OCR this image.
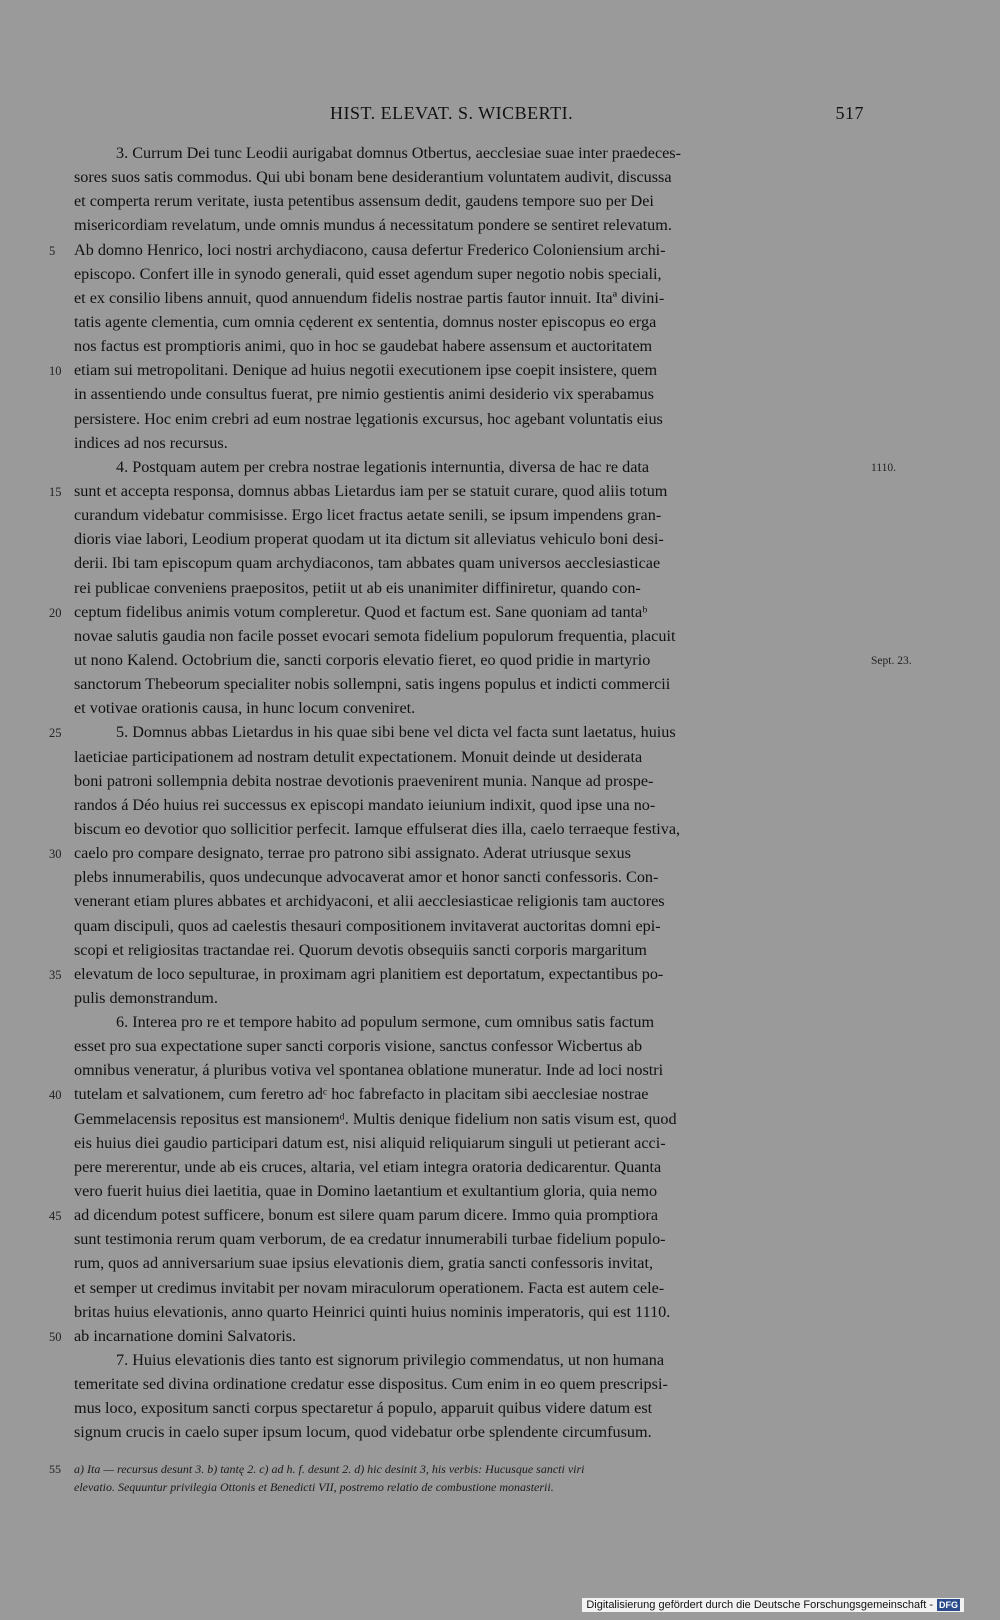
HIST. ELEVAT. S. WICBERTI.	517
3. Currum Dei tunc Leodii aurigabat domnus Otbertus, aecclesiae suae inter praedeces-
sores suos satis commodus. Qui ubi bonam bene desiderantium voluntatem audivit, discussa
et comperta rerum veritate, iusta petentibus assensum dedit, gaudens tempore suo per Dei
misericordiam revelatum, unde omnis mundus á necessitatum pondere se sentiret relevatum.
Ab domno Henrico, loci nostri archydiacono, causa defertur Frederico Coloniensium archi-
5
episcopo. Confert ille in synodo generali, quid esset agendum super negotio nobis speciali,
et ex consilio libens annuit, quod annuendum fidelis nostrae partis fautor innuit. Itaª divini-
tatis agente clementia, cum omnia cęderent ex sententia, domnus noster episcopus eo erga
nos factus est promptioris animi, quo in hoc se gaudebat habere assensum et auctoritatem
etiam sui metropolitani. Denique ad huius negotii executionem ipse coepit insistere, quem
10
in assentiendo unde consultus fuerat, pre nimio gestientis animi desiderio vix sperabamus
persistere. Hoc enim crebri ad eum nostrae lęgationis excursus, hoc agebant voluntatis eius
indices ad nos recursus.
4. Postquam autem per crebra nostrae legationis internuntia, diversa de hac re data	1110.
sunt et accepta responsa, domnus abbas Lietardus iam per se statuit curare, quod aliis totum
15
curandum videbatur commisisse. Ergo licet fractus aetate senili, se ipsum impendens gran-
dioris viae labori, Leodium properat quodam ut ita dictum sit alleviatus vehiculo boni desi-
derii. Ibi tam episcopum quam archydiaconos, tam abbates quam universos aecclesiasticae
rei publicae conveniens praepositos, petiit ut ab eis unanimiter diffiniretur, quando con-
ceptum fidelibus animis votum compleretur. Quod et factum est. Sane quoniam ad tantaᵇ
20
novae salutis gaudia non facile posset evocari semota fidelium populorum frequentia, placuit
ut nono Kalend. Octobrium die, sancti corporis elevatio fieret, eo quod pridie in martyrio	Sept. 23.
sanctorum Thebeorum specialiter nobis sollempni, satis ingens populus et indicti commercii
et votivae orationis causa, in hunc locum conveniret.
5. Domnus abbas Lietardus in his quae sibi bene vel dicta vel facta sunt laetatus, huius
25
laeticiae participationem ad nostram detulit expectationem. Monuit deinde ut desiderata
boni patroni sollempnia debita nostrae devotionis praevenirent munia. Nanque ad prospe-
randos á Déo huius rei successus ex episcopi mandato ieiunium indixit, quod ipse una no-
biscum eo devotior quo sollicitior perfecit. Iamque effulserat dies illa, caelo terraeque festiva,
caelo pro compare designato, terrae pro patrono sibi assignato. Aderat utriusque sexus
30
plebs innumerabilis, quos undecunque advocaverat amor et honor sancti confessoris. Con-
venerant etiam plures abbates et archidyaconi, et alii aecclesiasticae religionis tam auctores
quam discipuli, quos ad caelestis thesauri compositionem invitaverat auctoritas domni epi-
scopi et religiositas tractandae rei. Quorum devotis obsequiis sancti corporis margaritum
elevatum de loco sepulturae, in proximam agri planitiem est deportatum, expectantibus po-
35
pulis demonstrandum.
6. Interea pro re et tempore habito ad populum sermone, cum omnibus satis factum
esset pro sua expectatione super sancti corporis visione, sanctus confessor Wicbertus ab
omnibus veneratur, á pluribus votiva vel spontanea oblatione muneratur. Inde ad loci nostri
tutelam et salvationem, cum feretro adᶜ hoc fabrefacto in placitam sibi aecclesiae nostrae
40
Gemmelacensis repositus est mansionemᵈ. Multis denique fidelium non satis visum est, quod
eis huius diei gaudio participari datum est, nisi aliquid reliquiarum singuli ut petierant acci-
pere mererentur, unde ab eis cruces, altaria, vel etiam integra oratoria dedicarentur. Quanta
vero fuerit huius diei laetitia, quae in Domino laetantium et exultantium gloria, quia nemo
ad dicendum potest sufficere, bonum est silere quam parum dicere. Immo quia promptiora
45
sunt testimonia rerum quam verborum, de ea credatur innumerabili turbae fidelium populo-
rum, quos ad anniversarium suae ipsius elevationis diem, gratia sancti confessoris invitat,
et semper ut credimus invitabit per novam miraculorum operationem. Facta est autem cele-
britas huius elevationis, anno quarto Heinrici quinti huius nominis imperatoris, qui est 1110.
ab incarnatione domini Salvatoris.
50
7. Huius elevationis dies tanto est signorum privilegio commendatus, ut non humana
temeritate sed divina ordinatione credatur esse dispositus. Cum enim in eo quem prescripsi-
mus loco, expositum sancti corpus spectaretur á populo, apparuit quibus videre datum est
signum crucis in caelo super ipsum locum, quod videbatur orbe splendente circumfusum.
a) Ita — recursus desunt 3. b) tantę 2. c) ad h. f. desunt 2. d) hic desinit 3, his verbis: Hucusque sancti viri
55
elevatio. Sequuntur privilegia Ottonis et Benedicti VII, postremo relatio de combustione monasterii.
Digitalisierung gefördert durch die Deutsche Forschungsgemeinschaft - DFG
